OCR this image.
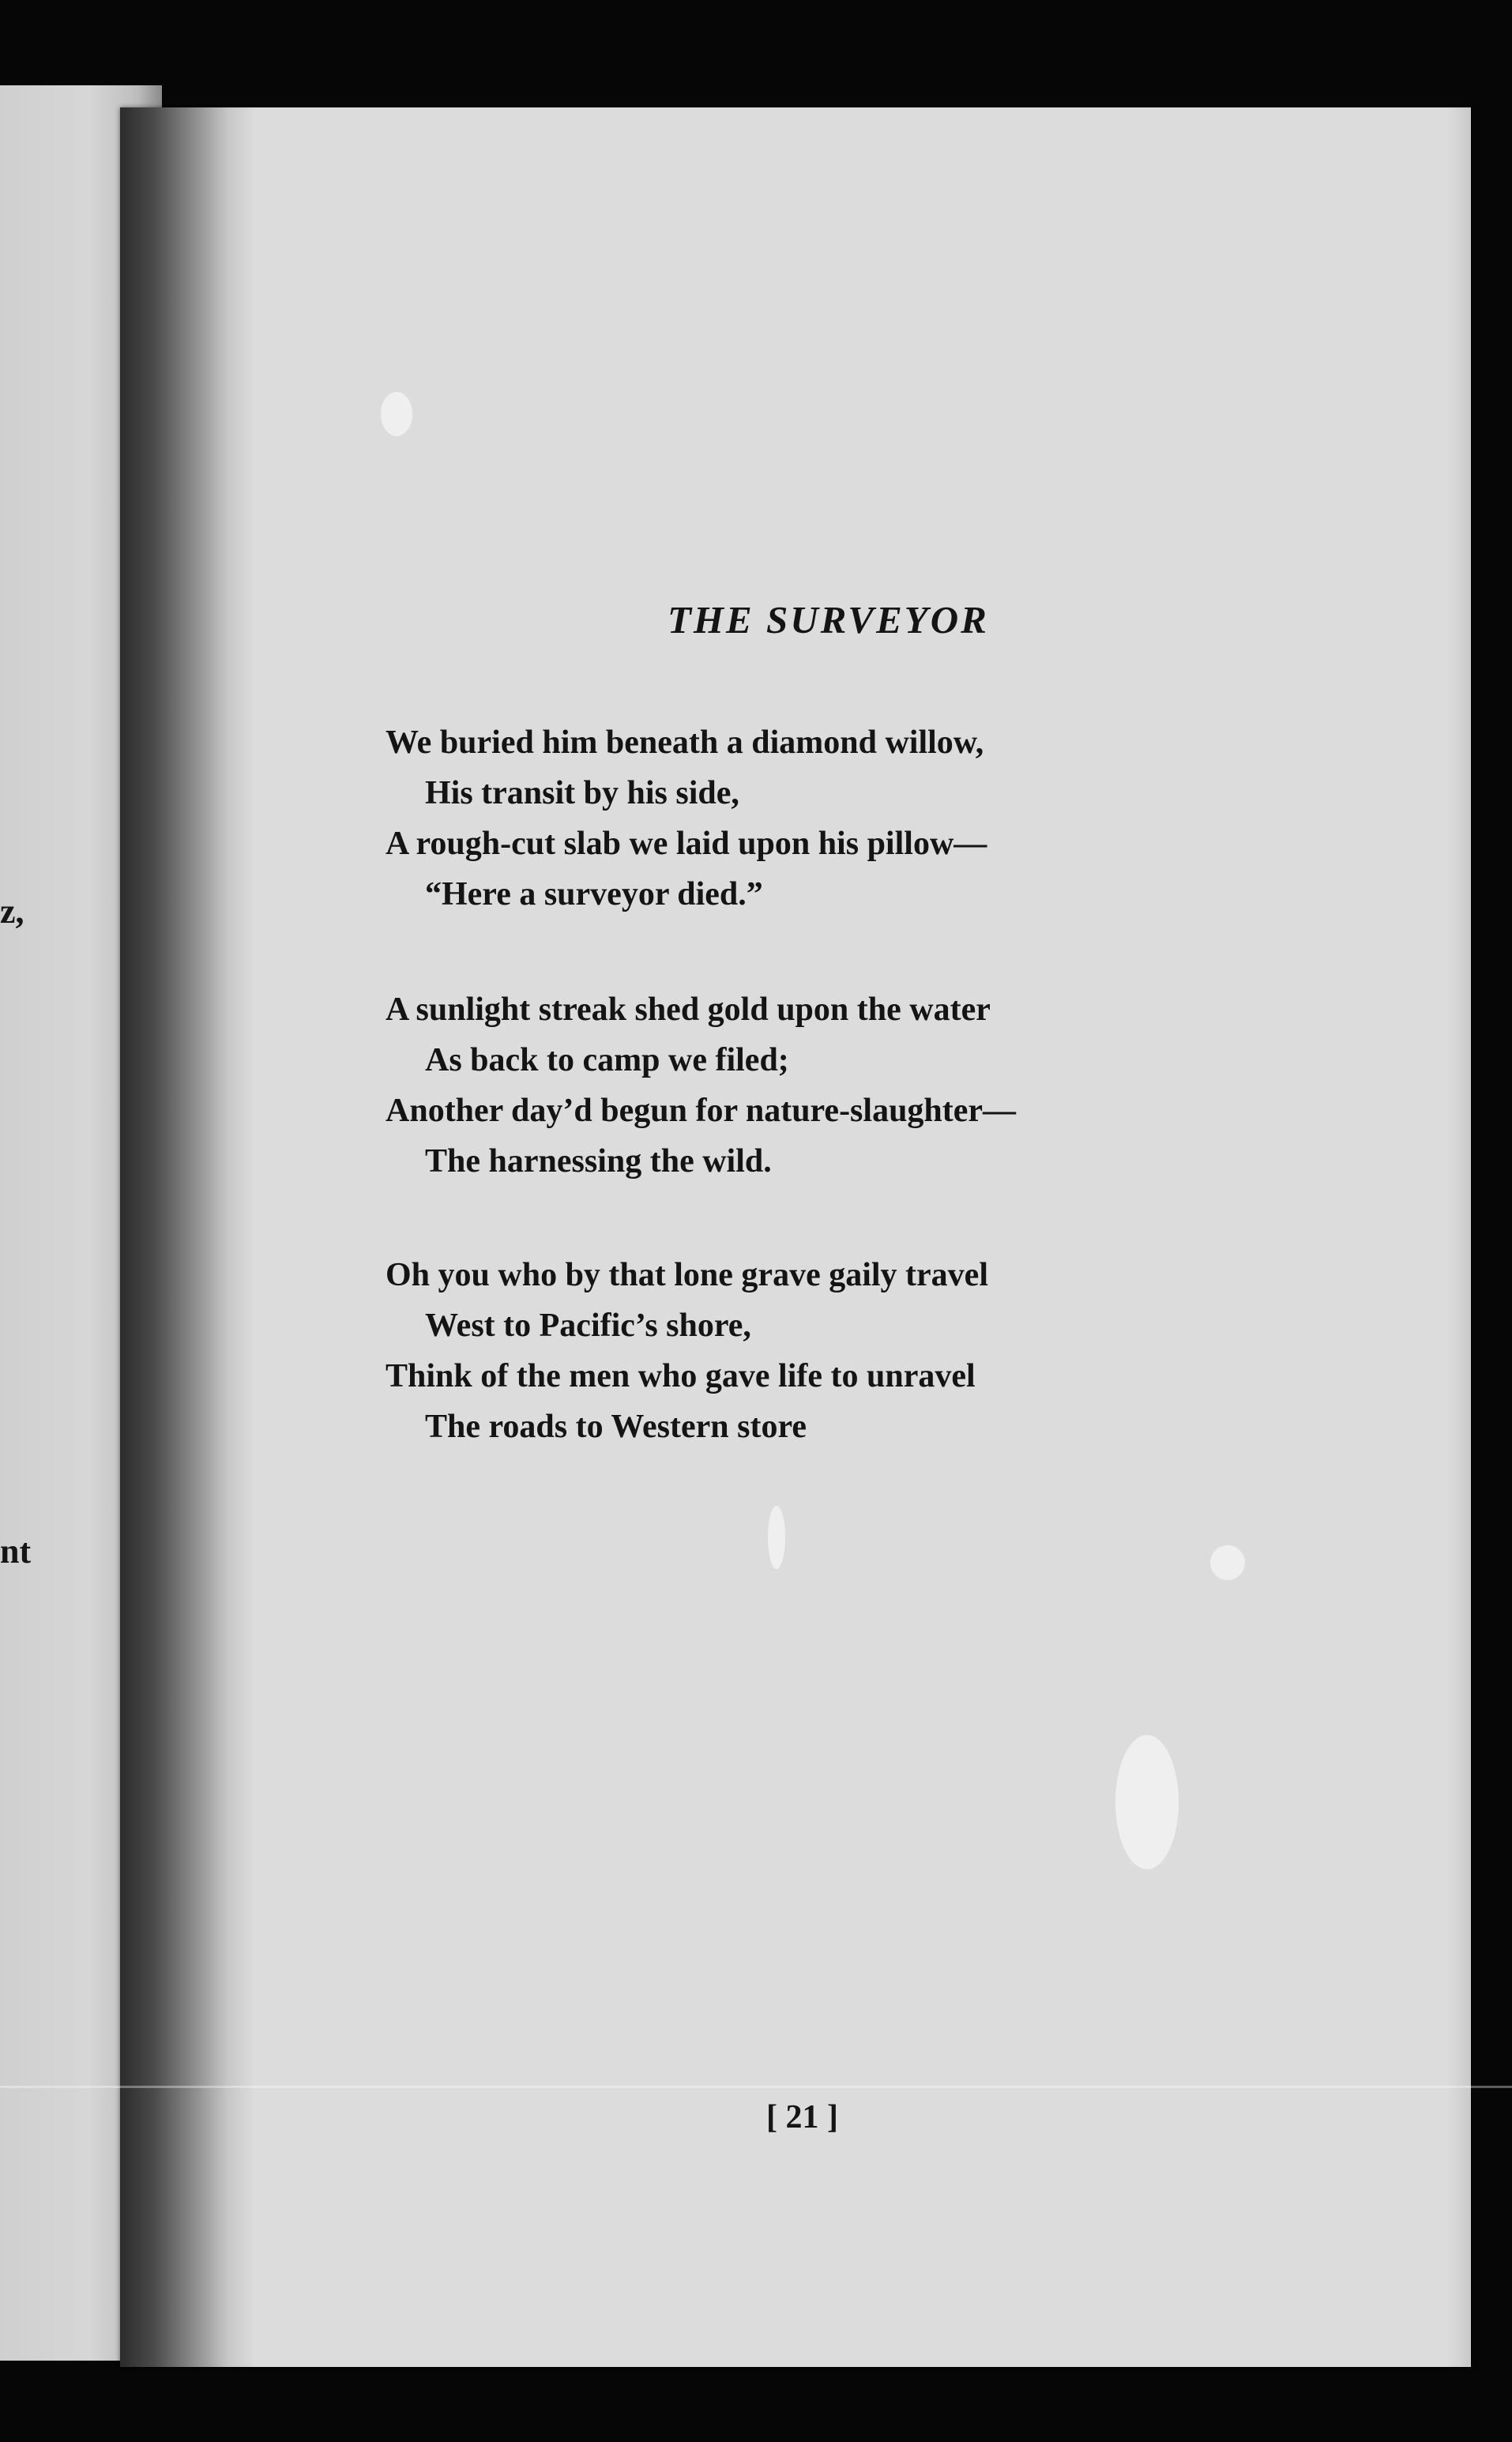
z,
nt
THE SURVEYOR
We buried him beneath a diamond willow,
His transit by his side,
A rough-cut slab we laid upon his pillow—
“Here a surveyor died.”
A sunlight streak shed gold upon the water
As back to camp we filed;
Another day’d begun for nature-slaughter—
The harnessing the wild.
Oh you who by that lone grave gaily travel
West to Pacific’s shore,
Think of the men who gave life to unravel
The roads to Western store
[ 21 ]
